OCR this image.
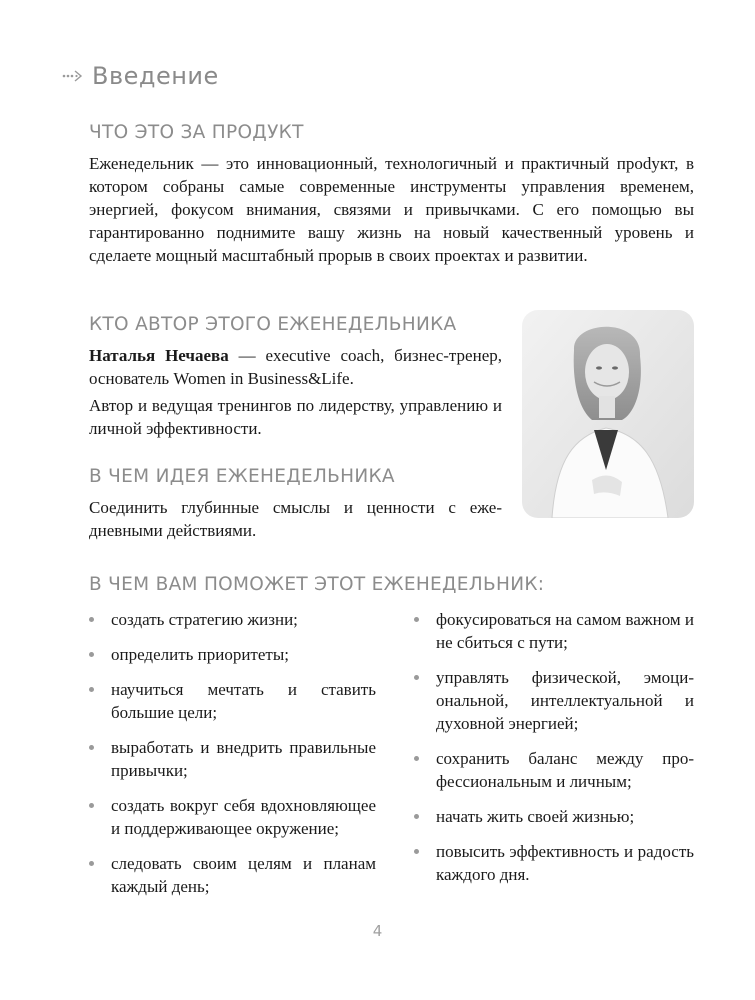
Введение
ЧТО ЭТО ЗА ПРОДУКТ

Еженедельник — это инновационный, технологичный и практичный проdукт, в котором собраны самые современные инструменты управления временем, энергией, фокусом внимания, связями и привычками. С его помощью вы гарантированно поднимите вашу жизнь на новый качественный уровень и сделаете мощный масштабный прорыв в своих проектах и развитии.

КТО АВТОР ЭТОГО ЕЖЕНЕДЕЛЬНИКА

Наталья Нечаева — executive coach, бизнес-тренер, основатель Women in Business&Life.

Автор и ведущая тренингов по лидерству, управлению и личной эффективности.

В ЧЕМ ИДЕЯ ЕЖЕНЕДЕЛЬНИКА

Соединить глубинные смыслы и ценности с ежедневными действиями.

В ЧЕМ ВАМ ПОМОЖЕТ ЭТОТ ЕЖЕНЕДЕЛЬНИК:
создать стратегию жизни;
определить приоритеты;
научиться мечтать и ставить большие цели;
выработать и внедрить правильные привычки;
создать вокруг себя вдохновляющее и поддерживающее окружение;
следовать своим целям и планам каждый день;
фокусироваться на самом важном и не сбиться с пути;
управлять физической, эмоциональной, интеллектуальной и духовной энергией;
сохранить баланс между профессиональным и личным;
начать жить своей жизнью;
повысить эффективность и радость каждого дня.
4
